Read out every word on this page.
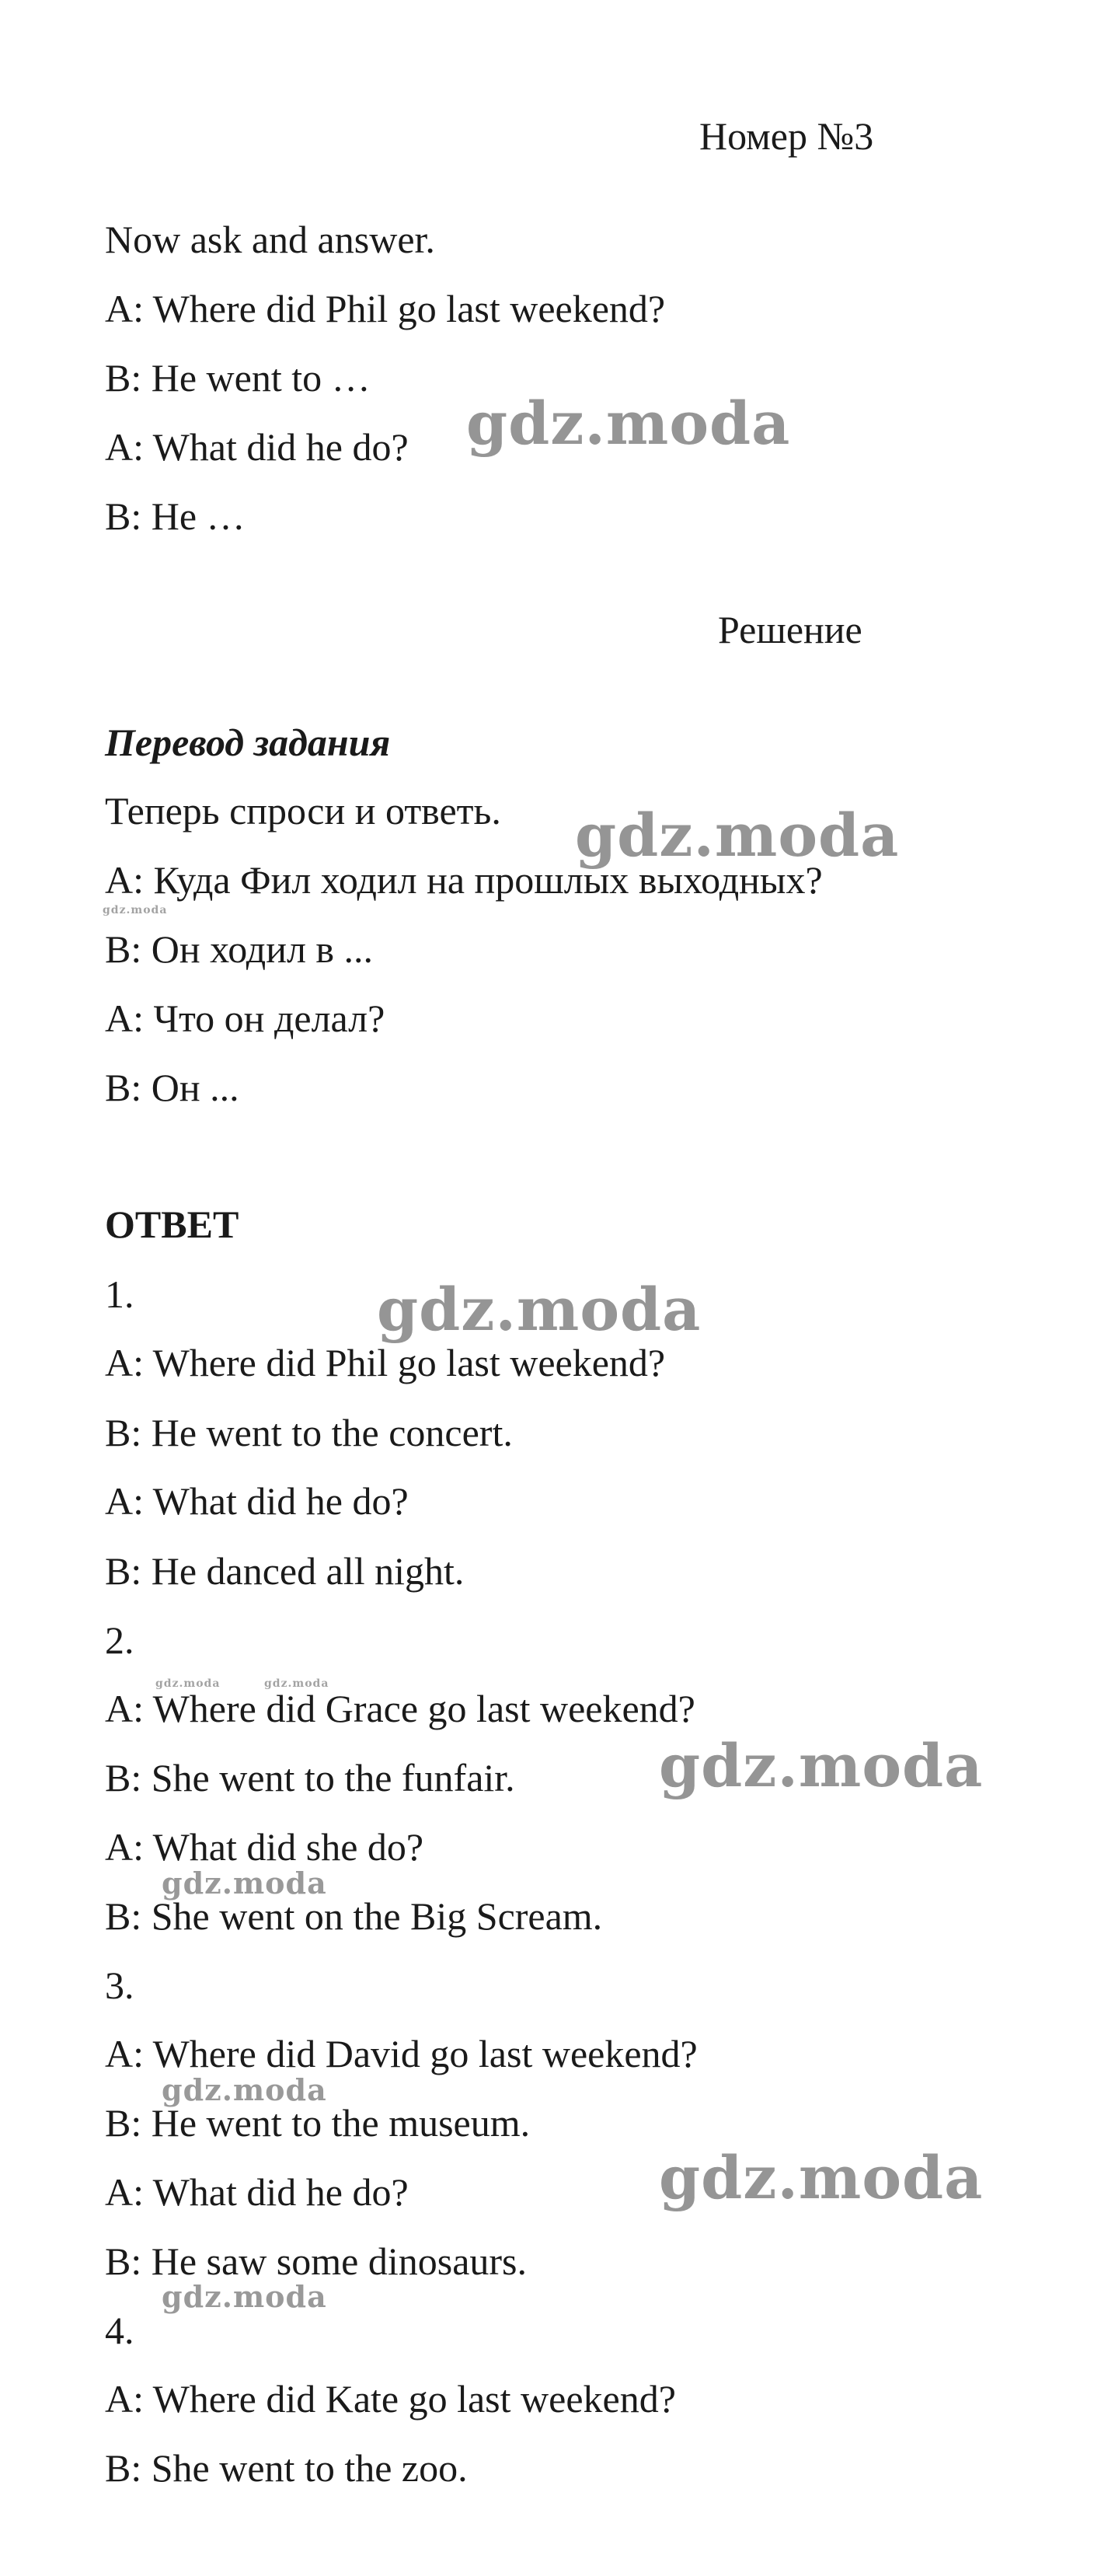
Номер №3
Now ask and answer.
A: Where did Phil go last weekend?
B: He went to …
A: What did he do?
B: He …
Решение
Перевод задания
Теперь спроси и ответь.
A: Куда Фил ходил на прошлых выходных?
B: Он ходил в ...
A: Что он делал?
B: Он ...
ОТВЕТ
1.
A: Where did Phil go last weekend?
B: He went to the concert.
A: What did he do?
B: He danced all night.
2.
A: Where did Grace go last weekend?
B: She went to the funfair.
A: What did she do?
B: She went on the Big Scream.
3.
A: Where did David go last weekend?
B: He went to the museum.
A: What did he do?
B: He saw some dinosaurs.
4.
A: Where did Kate go last weekend?
B: She went to the zoo.
gdz.moda
gdz.moda
gdz.moda
gdz.moda
gdz.moda	gdz.moda
gdz.moda
gdz.moda
gdz.moda
gdz.moda
gdz.moda
